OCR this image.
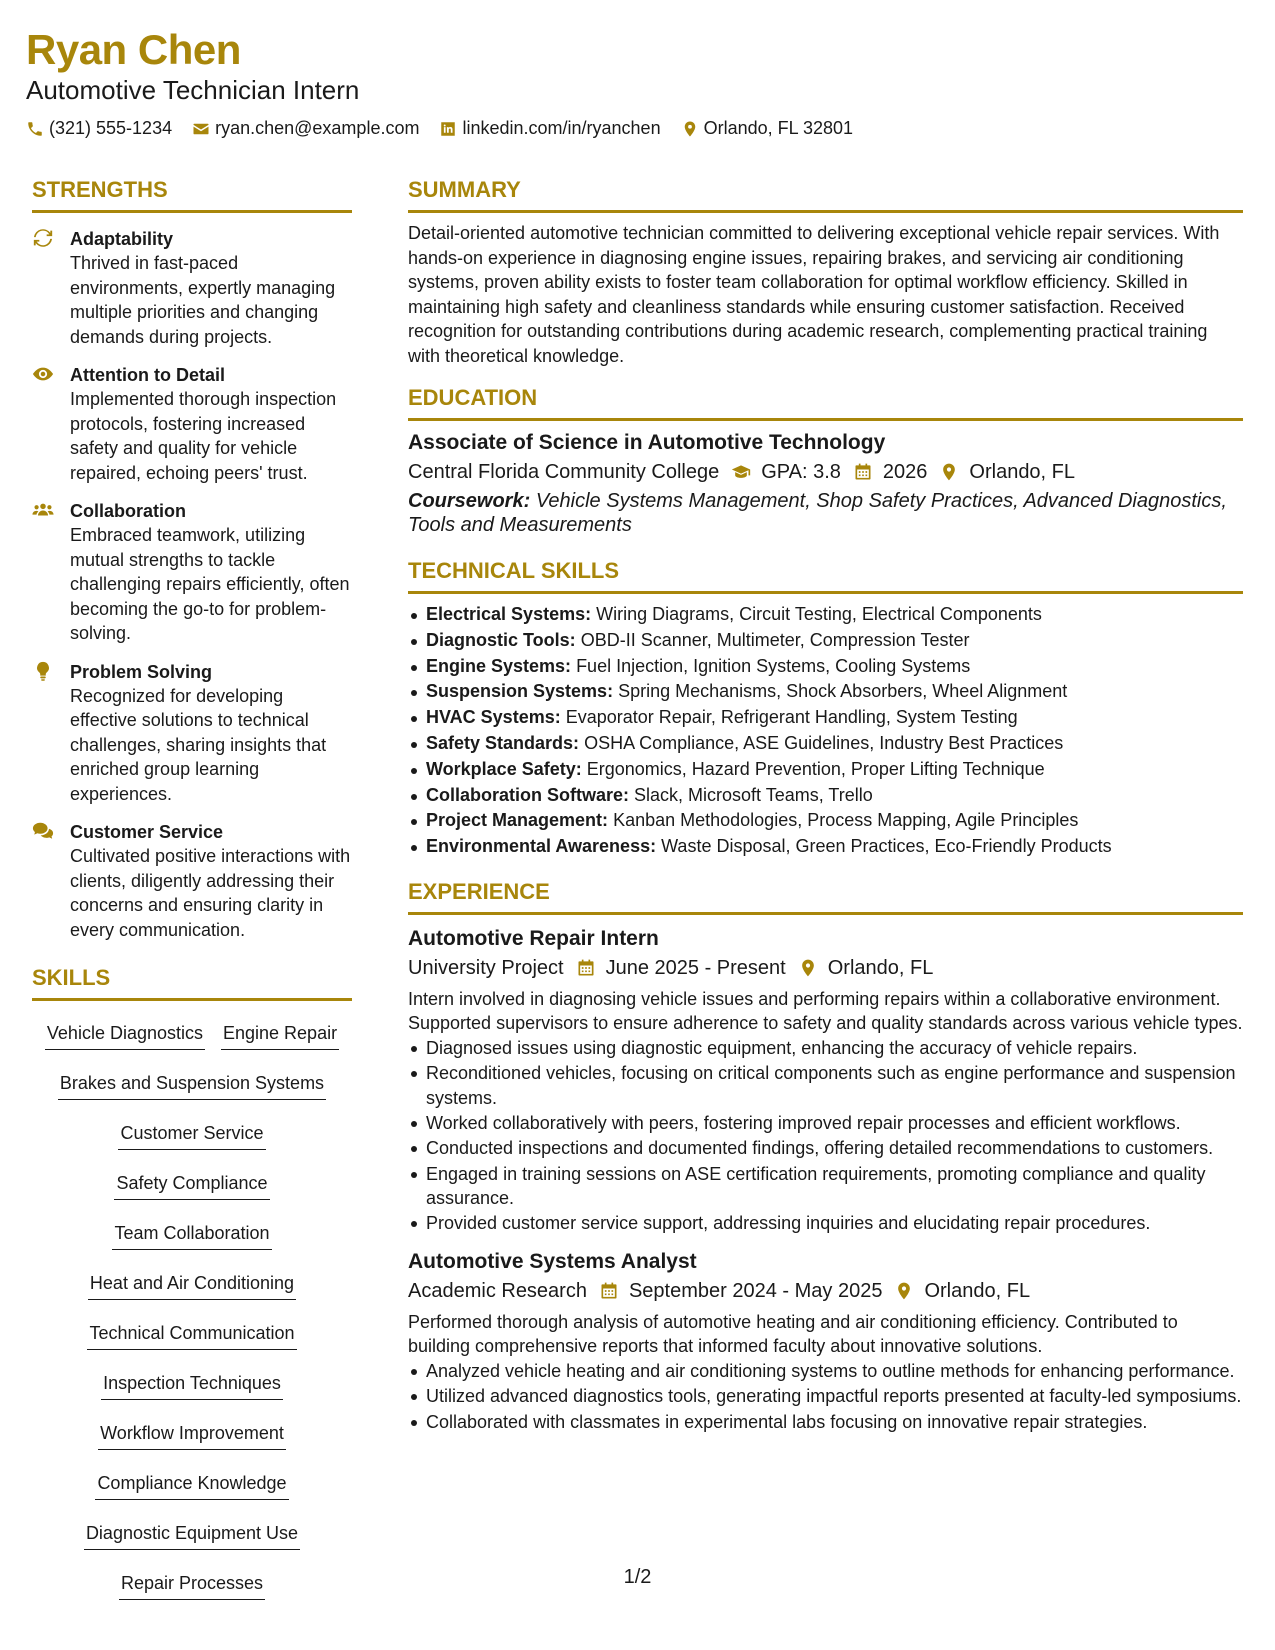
Ryan Chen
Automotive Technician Intern
(321) 555-1234 ryan.chen@example.com linkedin.com/in/ryanchen Orlando, FL 32801
STRENGTHS
Adaptability
Thrived in fast-paced environments, expertly managing multiple priorities and changing demands during projects.
Attention to Detail
Implemented thorough inspection protocols, fostering increased safety and quality for vehicle repaired, echoing peers' trust.
Collaboration
Embraced teamwork, utilizing mutual strengths to tackle challenging repairs efficiently, often becoming the go-to for problem-solving.
Problem Solving
Recognized for developing effective solutions to technical challenges, sharing insights that enriched group learning experiences.
Customer Service
Cultivated positive interactions with clients, diligently addressing their concerns and ensuring clarity in every communication.
SKILLS
Vehicle Diagnostics Engine Repair
Brakes and Suspension Systems
Customer Service
Safety Compliance
Team Collaboration
Heat and Air Conditioning
Technical Communication
Inspection Techniques
Workflow Improvement
Compliance Knowledge
Diagnostic Equipment Use
Repair Processes
SUMMARY
Detail-oriented automotive technician committed to delivering exceptional vehicle repair services. With hands-on experience in diagnosing engine issues, repairing brakes, and servicing air conditioning systems, proven ability exists to foster team collaboration for optimal workflow efficiency. Skilled in maintaining high safety and cleanliness standards while ensuring customer satisfaction. Received recognition for outstanding contributions during academic research, complementing practical training with theoretical knowledge.
EDUCATION
Associate of Science in Automotive Technology
Central Florida Community College GPA: 3.8 2026 Orlando, FL
Coursework: Vehicle Systems Management, Shop Safety Practices, Advanced Diagnostics, Tools and Measurements
TECHNICAL SKILLS
Electrical Systems: Wiring Diagrams, Circuit Testing, Electrical Components
Diagnostic Tools: OBD-II Scanner, Multimeter, Compression Tester
Engine Systems: Fuel Injection, Ignition Systems, Cooling Systems
Suspension Systems: Spring Mechanisms, Shock Absorbers, Wheel Alignment
HVAC Systems: Evaporator Repair, Refrigerant Handling, System Testing
Safety Standards: OSHA Compliance, ASE Guidelines, Industry Best Practices
Workplace Safety: Ergonomics, Hazard Prevention, Proper Lifting Technique
Collaboration Software: Slack, Microsoft Teams, Trello
Project Management: Kanban Methodologies, Process Mapping, Agile Principles
Environmental Awareness: Waste Disposal, Green Practices, Eco-Friendly Products
EXPERIENCE
Automotive Repair Intern
University Project June 2025 - Present Orlando, FL
Intern involved in diagnosing vehicle issues and performing repairs within a collaborative environment. Supported supervisors to ensure adherence to safety and quality standards across various vehicle types.
Diagnosed issues using diagnostic equipment, enhancing the accuracy of vehicle repairs.
Reconditioned vehicles, focusing on critical components such as engine performance and suspension systems.
Worked collaboratively with peers, fostering improved repair processes and efficient workflows.
Conducted inspections and documented findings, offering detailed recommendations to customers.
Engaged in training sessions on ASE certification requirements, promoting compliance and quality assurance.
Provided customer service support, addressing inquiries and elucidating repair procedures.
Automotive Systems Analyst
Academic Research September 2024 - May 2025 Orlando, FL
Performed thorough analysis of automotive heating and air conditioning efficiency. Contributed to building comprehensive reports that informed faculty about innovative solutions.
Analyzed vehicle heating and air conditioning systems to outline methods for enhancing performance.
Utilized advanced diagnostics tools, generating impactful reports presented at faculty-led symposiums.
Collaborated with classmates in experimental labs focusing on innovative repair strategies.
1/2
